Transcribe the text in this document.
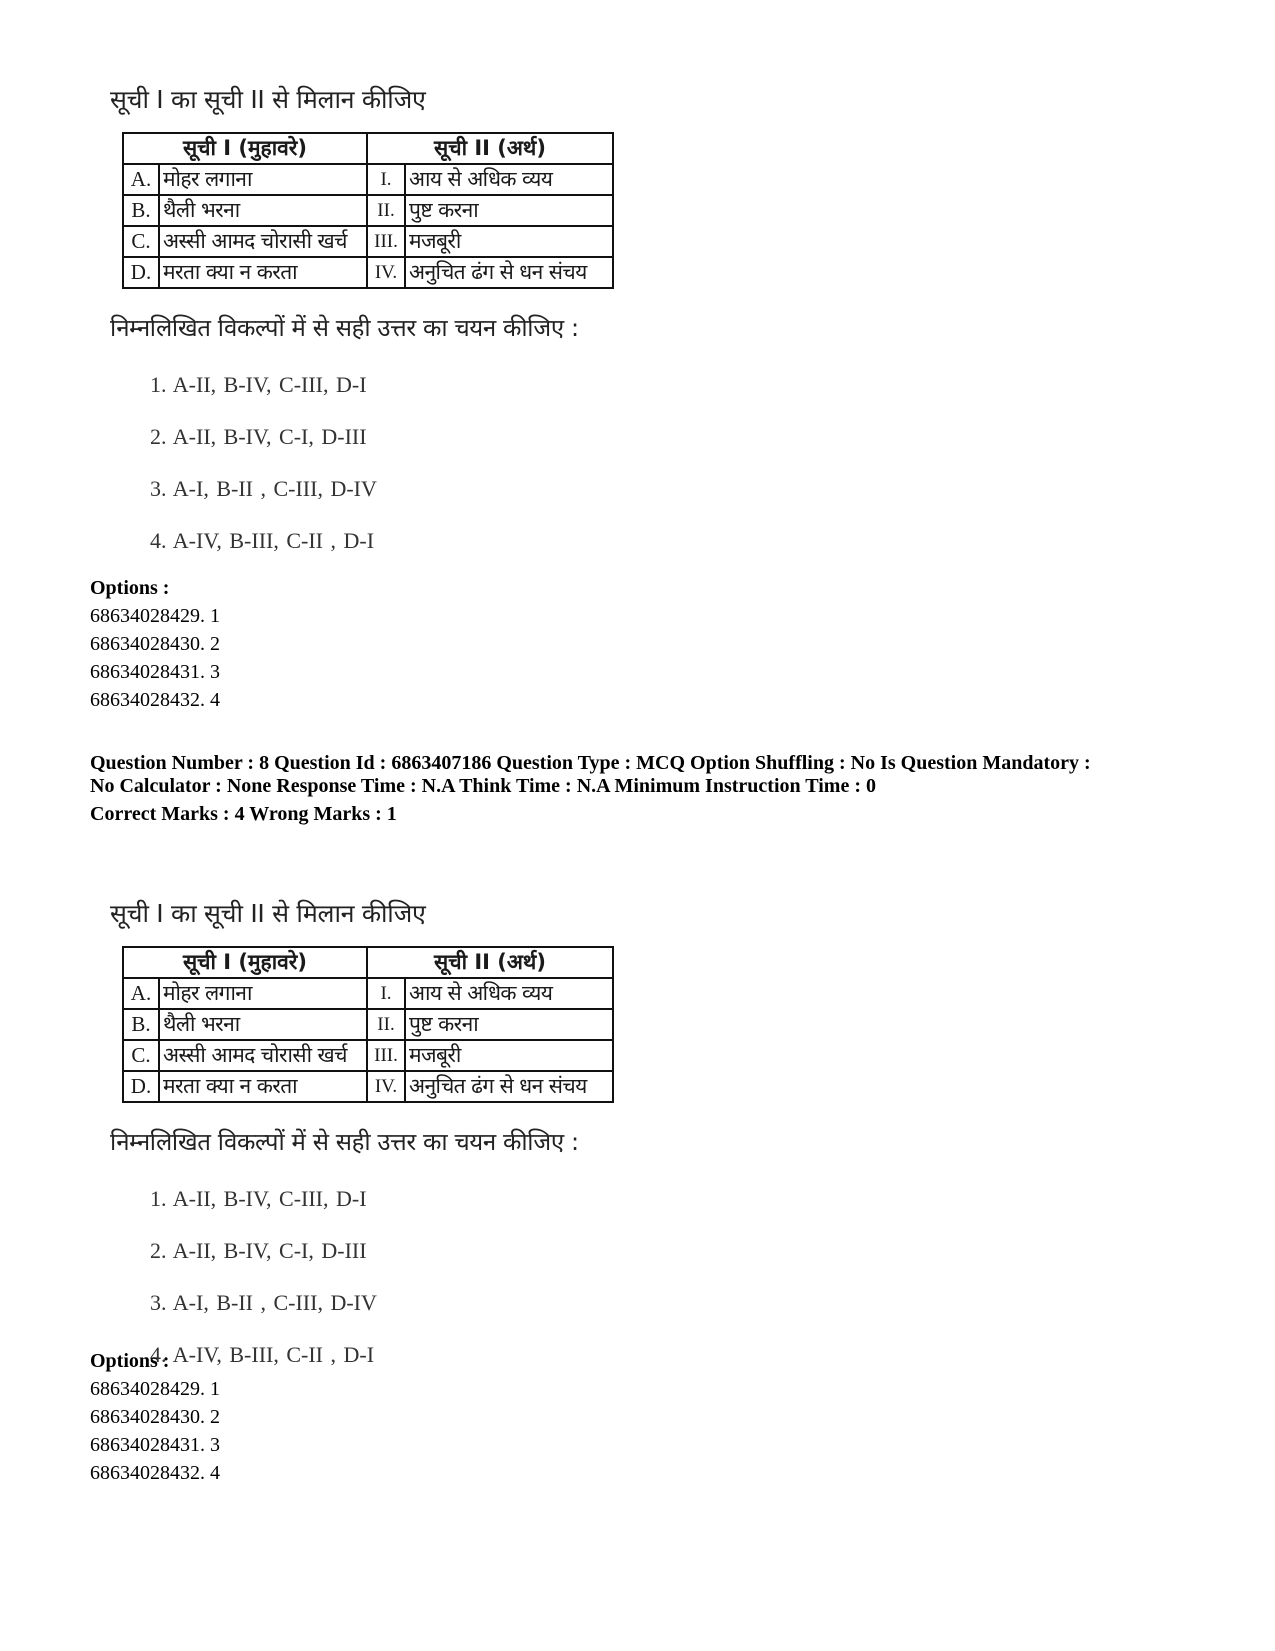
सूची I का सूची II से मिलान कीजिए
सूची I (मुहावरे)		सूची II (अर्थ)	
A.	मोहर लगाना	I.	आय से अधिक व्यय
B.	थैली भरना	II.	पुष्ट करना
C.	अस्सी आमद चोरासी खर्च	III.	मजबूरी
D.	मरता क्या न करता	IV.	अनुचित ढंग से धन संचय
निम्नलिखित विकल्पों में से सही उत्तर का चयन कीजिए :
1. A-II, B-IV, C-III, D-I
2. A-II, B-IV, C-I, D-III
3. A-I, B-II , C-III, D-IV
4. A-IV, B-III, C-II , D-I
Options :
68634028429. 1
68634028430. 2
68634028431. 3
68634028432. 4
Question Number : 8 Question Id : 6863407186 Question Type : MCQ Option Shuffling : No Is Question Mandatory :
No Calculator : None Response Time : N.A Think Time : N.A Minimum Instruction Time : 0
Correct Marks : 4 Wrong Marks : 1
सूची I का सूची II से मिलान कीजिए
सूची I (मुहावरे)		सूची II (अर्थ)	
A.	मोहर लगाना	I.	आय से अधिक व्यय
B.	थैली भरना	II.	पुष्ट करना
C.	अस्सी आमद चोरासी खर्च	III.	मजबूरी
D.	मरता क्या न करता	IV.	अनुचित ढंग से धन संचय
निम्नलिखित विकल्पों में से सही उत्तर का चयन कीजिए :
1. A-II, B-IV, C-III, D-I
2. A-II, B-IV, C-I, D-III
3. A-I, B-II , C-III, D-IV
4. A-IV, B-III, C-II , D-I
Options :
68634028429. 1
68634028430. 2
68634028431. 3
68634028432. 4
